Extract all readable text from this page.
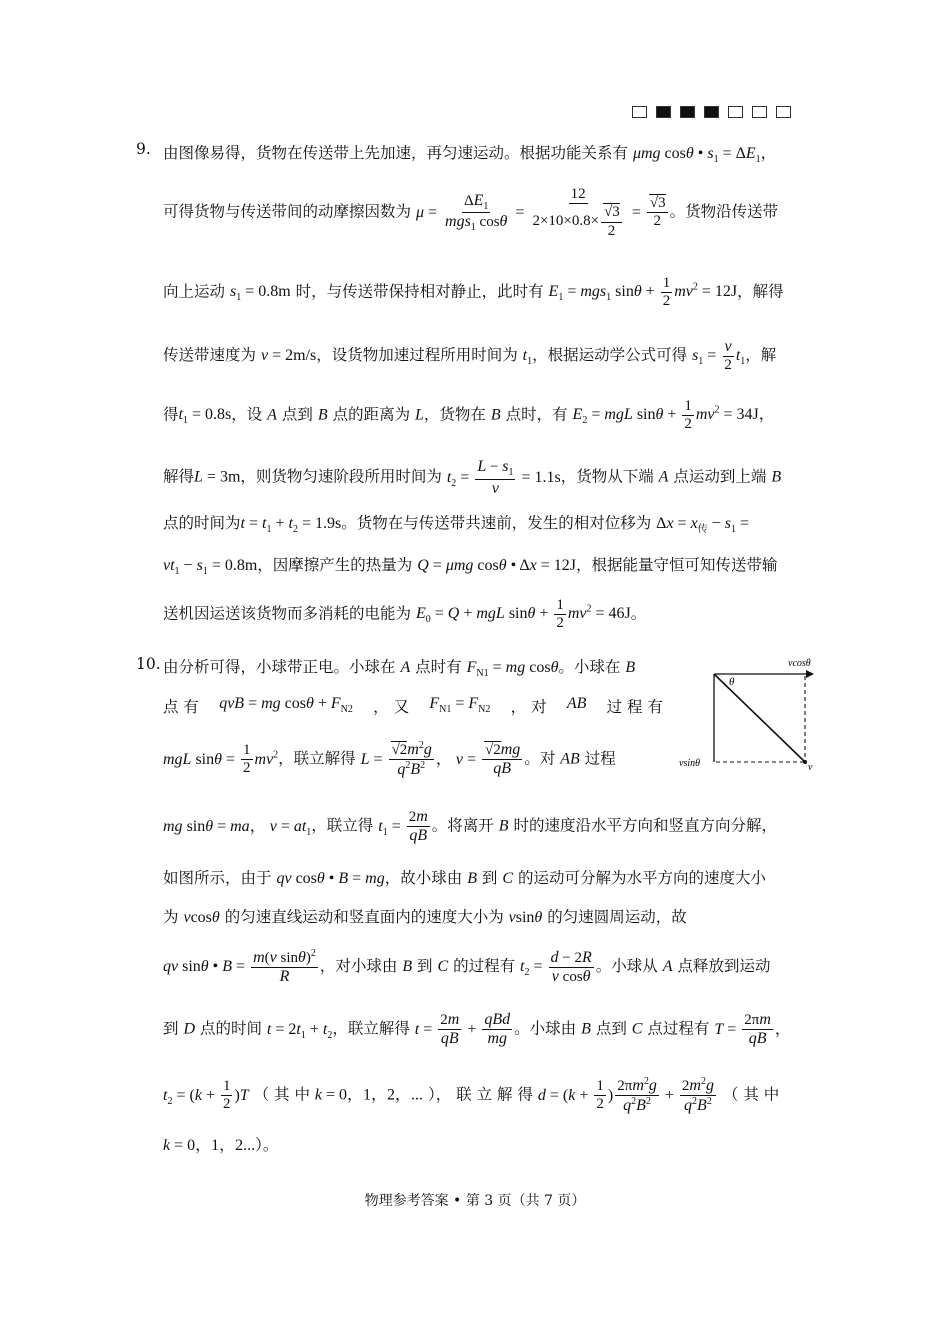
9. 由图像易得，货物在传送带上先加速，再匀速运动。根据功能关系有 μmg cosθ • $s_1 = \Delta E_1$，
可得货物与传送带间的动摩擦因数为 $\mu = \frac{\Delta E_1}{mgs_1 \cos\theta} = \frac{12}{2\times 10\times 0.8\times \frac{√3}{2}} = \frac{√3}{2}$ 。货物沿传送带
向上运动 $s_1 = 0.8m$ 时，与传送带保持相对静止，此时有 $E_1 = mgs_1$ $\sin\theta + \frac{1}{2} mv^2 = 12J$，解得
传送带速度为 v = 2m/s，设货物加速过程所用时间为 $t_1$，根据运动学公式可得 $s_1 = \frac{v}{2} t_1$，解
得$t_1 = 0.8s$，设 A 点到 B 点的距离为 L，货物在 B 点时，有 $E_2$ = mgL $\sin\theta + \frac{1}{2} mv^2 = 34J$，
解得L = 3m，则货物匀速阶段所用时间为 $t_2 = \frac{L - s_1}{v} = 1.1s$，货物从下端 A 点运动到上端 B
点的时间为$t = t_1 + t_2 = 1.9s$。货物在与传送带共速前，发生的相对位移为 $\Delta x = x_传 - s_1$ =
$vt_1 - s_1 = 0.8m$，因摩擦产生的热量为 Q = μmg cosθ • Δx = 12J，根据能量守恒可知传送带输
送机因运送该货物而多消耗的电能为 $E_0 = Q$ + mgL $\sin\theta + \frac{1}{2} mv^2 = 46J$。
10. 由分析可得，小球带正电。小球在 A 点时有 $F_{N1}$ = mg cosθ。小球在 B
点 有 qvB = mg $\cos\theta + F_{N2}$ ， 又 $F_{N1} = F_{N2}$ ， 对 AB 过 程 有
mgL $\sin\theta = \frac{1}{2} mv^2$，联立解得 $L = \frac{√2m^2g}{q^2B^2}$ ， $v = \frac{√2mg}{qB}$ 。对 AB 过程
vcosθ
θ
vsinθ	v
mg sinθ = ma， $v = at_1$，联立得 $t_1 = \frac{2m}{qB}$ 。将离开 B 时的速度沿水平方向和竖直方向分解，
如图所示，由于 qv cosθ • B = mg，故小球由 B 到 C 的运动可分解为水平方向的速度大小
为 vcosθ 的匀速直线运动和竖直面内的速度大小为 vsinθ 的匀速圆周运动，故
qv sinθ • $B = \frac{m(v \sin\theta)^2}{R}$ ，对小球由 B 到 C 的过程有 $t_2 = \frac{d - 2R}{\text{v cosθ}}$ 。小球从 A 点释放到运动
到 D 点的时间 $t = 2t_1 + t_2$，联立解得 $t = \frac{2m}{qB} + \frac{\text{qBd}}{mg}$ 。小球由 B 点到 C 点过程有 $T = \frac{2\pi m}{qB}$ ，
$t_2 = (k + \frac{1}{2} )T$ （ 其 中 k = 0，1，2，... ）， 联 立 解 得 $d = (k + \frac{1}{2}$ ) $\frac{2\pi m^2g}{q^2B^2} + \frac{2m^2g}{q^2B^2}$ （ 其 中
k = 0，1，2...）。
物理参考答案 • 第 3 页（共 7 页）
